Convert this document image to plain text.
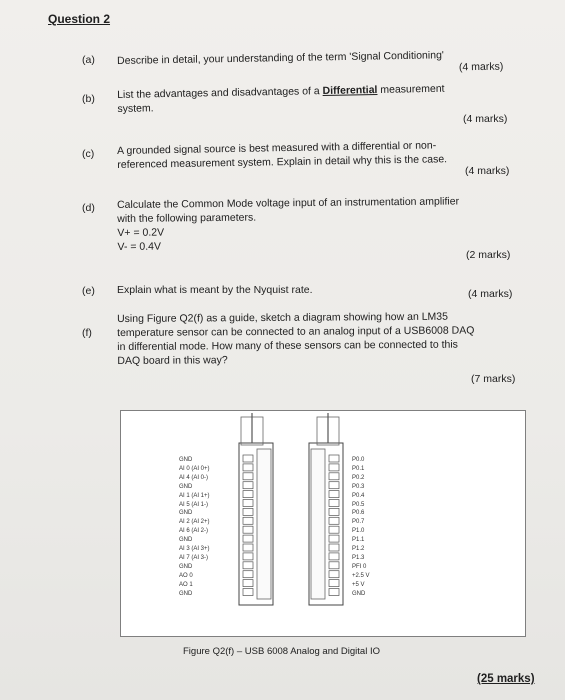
Question 2
(a) Describe in detail, your understanding of the term 'Signal Conditioning'
(4 marks)
(b) List the advantages and disadvantages of a Differential measurement
system.
(4 marks)
(c) A grounded signal source is best measured with a differential or non-
referenced measurement system. Explain in detail why this is the case.
(4 marks)
(d) Calculate the Common Mode voltage input of an instrumentation amplifier
with the following parameters.
V+ = 0.2V
V- = 0.4V
(2 marks)
(e) Explain what is meant by the Nyquist rate.	(4 marks)
(f)
Using Figure Q2(f) as a guide, sketch a diagram showing how an LM35
temperature sensor can be connected to an analog input of a USB6008 DAQ
in differential mode. How many of these sensors can be connected to this
DAQ board in this way?
(7 marks)
GND
AI 0 (AI 0+)
AI 4 (AI 0-)
GND
AI 1 (AI 1+)
AI 5 (AI 1-)
GND
AI 2 (AI 2+)
AI 6 (AI 2-)
GND
AI 3 (AI 3+)
AI 7 (AI 3-)
GND
AO 0
AO 1
GND
P0.0
P0.1
P0.2
P0.3
P0.4
P0.5
P0.6
P0.7
P1.0
P1.1
P1.2
P1.3
PFI 0
+2.5 V
+5 V
GND
Figure Q2(f) – USB 6008 Analog and Digital IO
(25 marks)
